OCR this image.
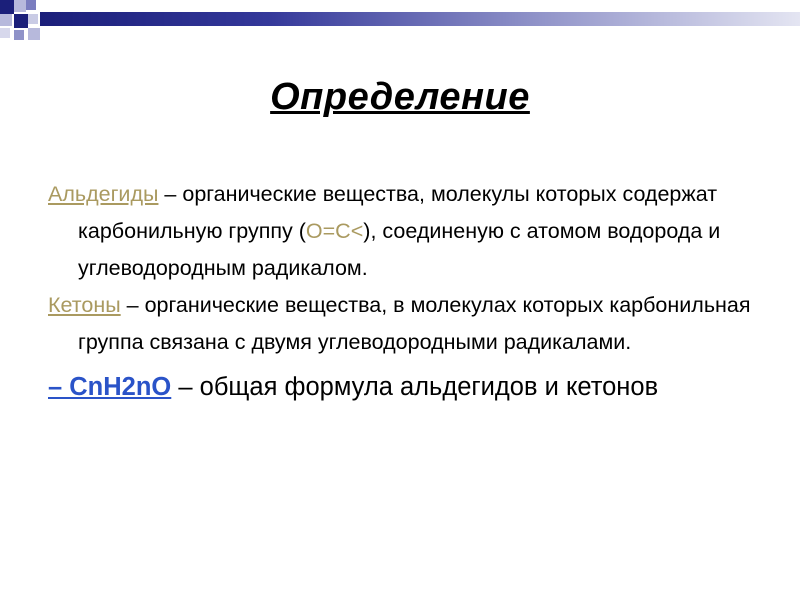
Определение

Альдегиды – органические вещества, молекулы которых содержат карбонильную группу (O=C<), соединеную с атомом водорода и углеводородным радикалом.

Кетоны – органические вещества, в молекулах которых карбонильная группа связана с двумя углеводородными радикалами.

– CnH2nO – общая формула альдегидов и кетонов
